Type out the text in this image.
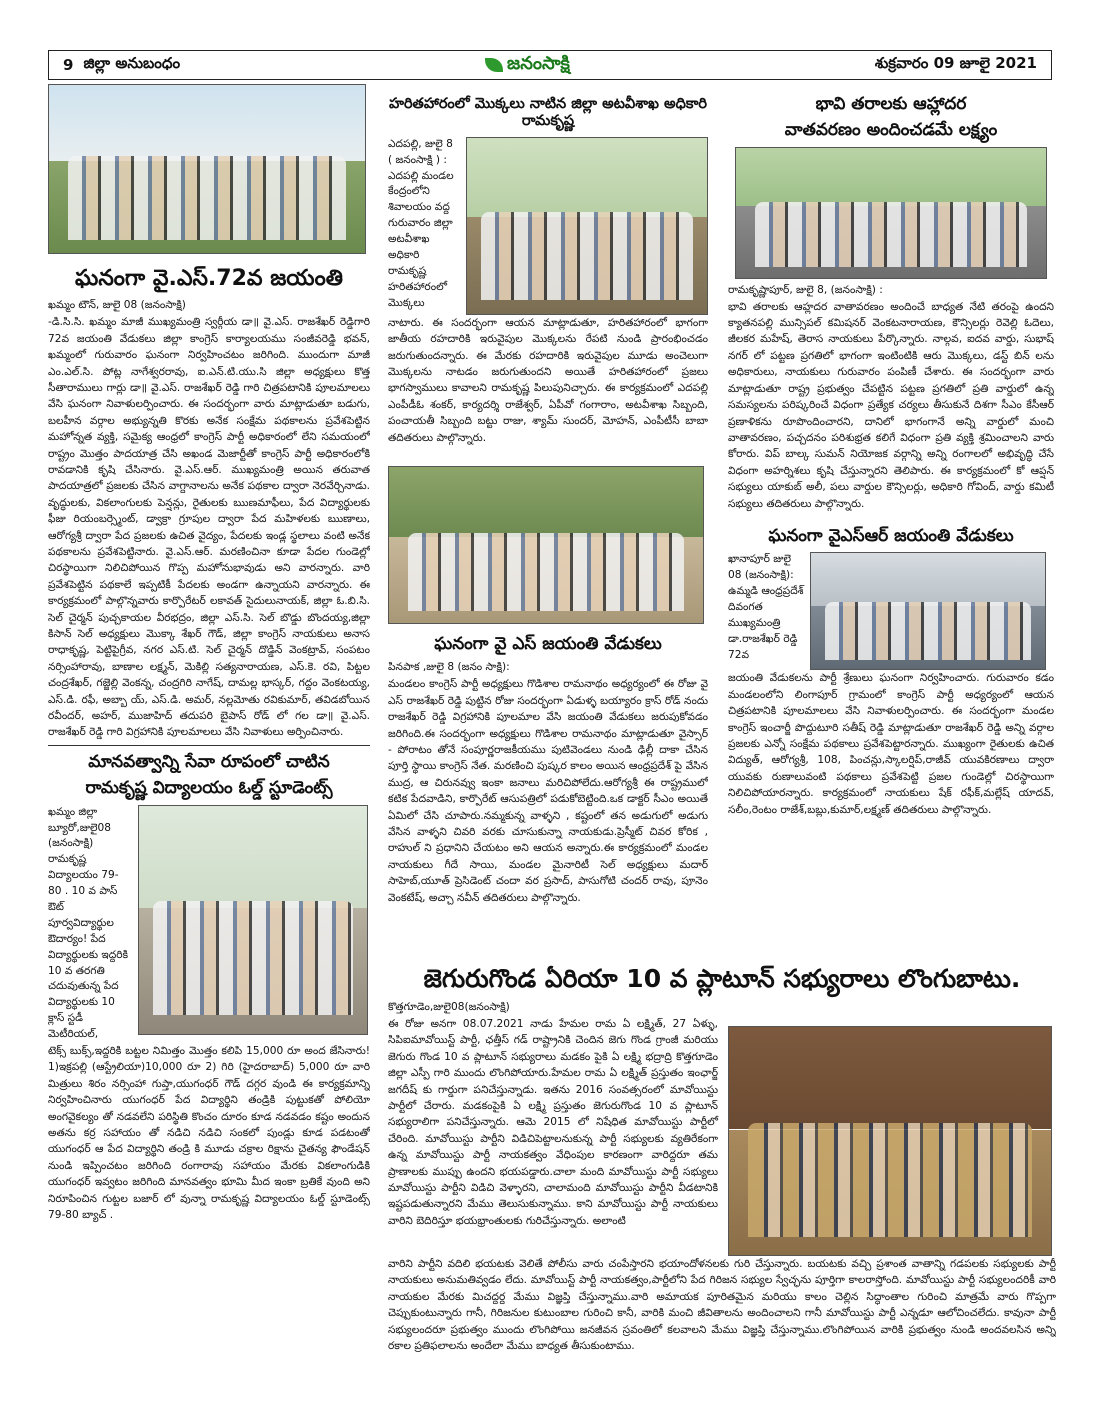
9 జిల్లా అనుబంధం	జనంసాక్షి	శుక్రవారం 09 జూలై 2021
ఘనంగా వై.ఎస్.72వ జయంతి
ఖమ్మం టౌన్, జులై 08 (జనంసాక్షి)

-డి.సి.సి. ఖమ్మం మాజీ ముఖ్యమంత్రి స్వర్గీయ డా॥ వై.ఎస్. రాజశేఖర్ రెడ్డిగారి 72వ జయంతి వేడుకలు జిల్లా కాంగ్రెస్ కార్యాలయము సంజీవరెడ్డి భవన్, ఖమ్మంలో గురువారం ఘనంగా నిర్వహించటం జరిగింది. ముందుగా మాజీ ఎం.ఎల్.సి. పోట్ల నాగేశ్వరరావు, ఐ.ఎన్.టి.యు.సి జిల్లా అధ్యక్షులు కొత్త సీతారాములు గార్లు డా॥ వై.ఎస్. రాజశేఖర్ రెడ్డి గారి చిత్రపటానికి పూలమాలలు వేసి ఘనంగా నివాళులర్పించారు. ఈ సందర్భంగా వారు మాట్లాడుతూ బడుగు, బలహీన వర్గాల అభ్యున్నతి కొరకు అనేక సంక్షేమ పథకాలను ప్రవేశపెట్టిన మహోన్నత వ్యక్తి, సమైక్య ఆంధ్రలో కాంగ్రెస్ పార్టీ అధికారంలో లేని సమయంలో రాష్ట్రం మొత్తం పాదయాత్ర చేసి అఖండ మెజార్టీతో కాంగ్రెస్ పార్టీ అధికారంలోకి రావడానికి కృషి చేసినారు. వై.ఎస్.ఆర్. ముఖ్యమంత్రి అయిన తరువాత పాదయాత్రలో ప్రజలకు చేసిన వాగ్దానాలను అనేక పథకాల ద్వారా నెరవేర్చినాడు. వృద్ధులకు, వికలాంగులకు పెన్షన్లు, రైతులకు ఋణమాఫీలు, పేద విద్యార్థులకు ఫీజు రియంబర్స్మెంట్, డ్వాక్రా గ్రూపుల ద్వారా పేద మహిళలకు ఋణాలు, ఆరోగ్యశ్రీ ద్వారా పేద ప్రజలకు ఉచిత వైద్యం, పేదలకు ఇండ్ల స్థలాలు వంటి అనేక పథకాలను ప్రవేశపెట్టినారు. వై.ఎస్.ఆర్. మరణించినా కూడా పేదల గుండెల్లో చిరస్థాయిగా నిలిచిపోయిన గొప్ప మహోనుభావుడు అని వారన్నారు. వారి ప్రవేశపెట్టిన పథకాలే ఇప్పటికీ పేదలకు అండగా ఉన్నాయని వారన్నారు. ఈ కార్యక్రమంలో పాల్గొన్నవారు కార్పొరేటర్ లకావత్ సైదులునాయక్, జిల్లా ఓ.బి.సి. సెల్ చైర్మన్ పుచ్చకాయల వీరభద్రం, జిల్లా ఎస్.సి. సెల్ బొడ్డు బొందయ్య,జిల్లా కిసాన్ సెల్ అధ్యక్షులు మొక్కా శేఖర్ గౌడ్, జిల్లా కాంగ్రెస్ నాయకులు అనాస రాధాకృష్ణ, పెట్టిపైగ్రీవ, నగర ఎస్.టి. సెల్ చైర్మన్ దొడ్డిన్ వెంకట్రావ్, సంపటం నర్సింహారావు, బాణాల లక్ష్మన్, మెకిల్లి సత్యనారాయణ, ఎస్.కె. రవి, పిట్టల చంద్రశేఖర్, గజ్జెల్లి వెంకన్న, చంద్రగిరి నాగేష్, దామల్ల భాస్కర్, గద్దం వెంకటయ్య, ఎస్.డి. రఫీ, అబ్బా య్, ఎస్.డి. అమర్, నల్లమోతు రవికుమార్, తవిడబోయిన రవీందర్, అహర్, ముజాహిద్ తదుపరి బైపాస్ రోడ్ లో గల డా॥ వై.ఎస్. రాజశేఖర్ రెడ్డి గారి విగ్రహానికి పూలమాలలు వేసి నివాళులు అర్పించినారు.

మానవత్వాన్ని సేవా రూపంలో చాటిన
రామకృష్ణ విద్యాలయం ఓల్డ్ స్టూడెంట్స్
ఖమ్మం జిల్లా బ్యూరో,జులై08 (జనంసాక్షి) రామకృష్ణ విద్యాలయం 79-80 . 10 వ పాస్ ఔట్ పూర్వవిద్యార్థుల ఔదార్యం! పేద విద్యార్థులకు ఇద్దరికి 10 వ తరగతి చదువుతున్న పేద విద్యార్థులకు 10 క్లాస్ స్టడీ మెటీరియల్,

టెక్స్ బుక్స్,ఇద్దరికి బట్టల నిమిత్తం మొత్తం కలిపి 15,000 రూ అంద జేసినారు! 1)ఇక్రపల్లి (ఆస్ట్రేలియా)10,000 రూ 2) గిరి (హైదరాబాద్) 5,000 రూ వారి మిత్రులు శిరం నర్సింహా గుప్తా,యుగంధర్ గౌడ్ దగ్గర వుండి ఈ కార్యక్రమాన్ని నిర్వహించినారు యుగంధర్ పేద విద్యార్థిని తండ్రికి పుట్టుకతో పోలియో అంగవైకల్యం తో నడవలేని పరిస్థితి కొంచం దూరం కూడ నడవడం కష్టం అందున అతను కర్ర సహాయం తో నడిచి నడిచి సంకలో పుండ్లు కూడ పడటంతో యుగంధర్ ఆ పేద విద్యార్థిని తండ్రి కి మూడు చక్రాల రిక్షాను చైతన్య ఫౌండేషన్ నుండి ఇప్పించటం జరిగింది రంగారావు సహాయం మేరకు వికలాంగుడికి యుగంధర్ ఇవ్వటం జరిగింది మానవత్వం భూమి మీద ఇంకా బ్రతికే వుంది అని నిరూపించిన గుట్టల బజార్ లో వున్నా రామకృష్ణ విద్యాలయం ఓల్డ్ స్టూడెంట్స్ 79-80 బ్యాచ్ .

హరితహారంలో మొక్కలు నాటిన జిల్లా అటవీశాఖ అధికారి రామకృష్ణ
ఎదపల్లి, జులై 8 ( జనంసాక్షి ) : ఎదపల్లి మండల కేంద్రంలోని శివాలయం వద్ద గురువారం జిల్లా అటవీశాఖ అధికారి రామకృష్ణ హరితహారంలో మొక్కలు

నాటారు. ఈ సందర్భంగా ఆయన మాట్లాడుతూ, హరితహారంలో భాగంగా జాతీయ రహదారికి ఇరువైపుల మొక్కలను రేపటి నుండి ప్రారంభించడం జరుగుతుందన్నారు. ఈ మేరకు రహదారికి ఇరువైపుల మూడు అంచెలుగా మొక్కలను నాటడం జరుగుతుందని అయితే హరితహారంలో ప్రజలు భాగస్వాములు కావాలని రామకృష్ణ పిలుపునిచ్చారు. ఈ కార్యక్రమంలో ఎదపల్లి ఎంపీడీఓ శంకర్, కార్యదర్శి రాజేశ్వర్, ఏపీవో గంగారాం, అటవీశాఖ సిబ్బంది, పంచాయతీ సిబ్బంది బట్టు రాజు, శ్యామ్ సుందర్, మోహన్, ఎంపీటీసీ బాబా తదితరులు పాల్గొన్నారు.

ఘనంగా వై ఎస్ జయంతి వేడుకలు
పినపాక ,జులై 8 (జనం సాక్షి):

మండలం కాంగ్రెస్ పార్టీ అధ్యక్షులు గొడిశాల రామనాథం అధ్యర్యంలో ఈ రోజు వై ఎస్ రాజశేఖర్ రెడ్డి పుట్టిన రోజు సందర్భంగా ఏడుళ్ళ బయ్యారం క్రాస్ రోడ్ నందు రాజశేఖర్ రెడ్డి విగ్రహానికి పూలమాల వేసి జయంతి వేడుకలు జరుపుకోవడం జరిగింది.ఈ సందర్భంగా అధ్యక్షులు గొడిశాల రామనాథం మాట్లాడుతూ వైస్సార్ - పోరాటం తోనే సంపూర్ణరాజకీయము పుటివెండలు నుండి ఢిల్లీ దాకా చేసిన పూర్తి స్థాయి కాంగ్రెస్ నేత. మరణించి పుష్కర కాలం అయిన ఆంధ్రప్రదేశ్ పై వేసిన ముద్ర, ఆ చిరునవ్వు ఇంకా జనాలు మరిచిపోలేదు.ఆరోగ్యశ్రీ ఈ రాష్ట్రములో కటిక పేదవాడిని, కార్పొరేట్ ఆసుపత్రిలో పడుకోబెట్టింది.ఒక డాక్టర్ సీఎం అయితే ఏమిలో చేసి చూపారు.నమ్మకున్న వాళ్ళని , కష్టంలో తన అడుగులో అడుగు వేసిన వాళ్ళని చివరి వరకు చూసుకున్నా నాయకుడు.ప్రెస్మీట్ చివర కోరిక , రాహుల్ ని ప్రధానిని చేయటం అని ఆయన అన్నారు.ఈ కార్యక్రమంలో మండల నాయకులు గీదే సాయి, మండల మైనారిటీ సెల్ అధ్యక్షులు మదార్ సాహెబ్,యూత్ ప్రెసిడెంట్ చందా వర ప్రసాద్, పాసుగోటి చందర్ రావు, పూనెం వెంకటేష్, అచ్చా నవీన్ తదితరులు పాల్గొన్నారు.

భావి తరాలకు ఆహ్లాదర
వాతవరణం అందించడమే లక్ష్యం
రామకృష్ణాపూర్, జులై 8, (జనంసాక్షి) :

భావి తరాలకు ఆహ్లదర వాతావరణం అందించే బాధ్యత నేటి తరంపై ఉందని క్యాతనపల్లి మున్సిపల్ కమిషనర్ వెంకటనారాయణ, కౌన్సిలర్లు రెవెల్లి ఓదెలు, జీలకర మహేష్, తెరాస నాయకులు పేర్కొన్నారు. నాల్గవ, ఐదవ వార్డు, సుభాష్ నగర్ లో పట్టణ ప్రగతిలో భాగంగా ఇంటింటికి ఆరు మొక్కలు, డస్ట్ బిన్ లను అధికారులు, నాయకులు గురువారం పంపిణీ చేశారు. ఈ సందర్భంగా వారు మాట్లాడుతూ రాష్ట్ర ప్రభుత్వం చేపట్టిన పట్టణ ప్రగతిలో ప్రతి వార్డులో ఉన్న సమస్యలను పరిష్కరించే విధంగా ప్రత్యేక చర్యలు తీసుకునే దిశగా సీఎం కేసీఆర్ ప్రణాళికను రూపొందించారని, దానిలో భాగంగానే అన్ని వార్డులో మంచి వాతావరణం, పచ్చదనం పరిశుభ్రత కలిగే విధంగా ప్రతి వ్యక్తి శ్రమించాలని వారు కోరారు. విప్ బాల్క సుమన్ నియోజక వర్గాన్ని అన్ని రంగాలలో అభివృద్ధి చేసే విధంగా అహర్నిశలు కృషి చేస్తున్నారని తెలిపారు. ఈ కార్యక్రమంలో కో ఆప్షన్ సభ్యులు యాకుబ్ అలీ, పలు వార్డుల కౌన్సిలర్లు, అధికారి గోవింద్, వార్డు కమిటీ సభ్యులు తదితరులు పాల్గొన్నారు.

ఘనంగా వైఎస్ఆర్ జయంతి వేడుకలు
ఖానాపూర్ జులై 08 (జనంసాక్షి): ఉమ్మడి ఆంధ్రప్రదేశ్ దివంగత ముఖ్యమంత్రి డా.రాజశేఖర్ రెడ్డి 72వ

జయంతి వేడుకలను పార్టీ శ్రేణులు ఘనంగా నిర్వహించారు. గురువారం కడం మండలంలోని లింగాపూర్ గ్రామంలో కాంగ్రెస్ పార్టీ అధ్యర్యంలో ఆయన చిత్రపటానికి పూలమాలలు వేసి నివాళులర్పించారు. ఈ సందర్భంగా మండల కాంగ్రెస్ ఇంచార్జీ పొద్దుటూరి సతీష్ రెడ్డి మాట్లాడుతూ రాజశేఖర్ రెడ్డి అన్ని వర్గాల ప్రజలకు ఎన్నో సంక్షేమ పథకాలు ప్రవేశపెట్టారన్నారు. ముఖ్యంగా రైతులకు ఉచిత విద్యుత్, ఆరోగ్యశ్రీ, 108, పించన్లు,స్కాలర్షిప్,రాజీవ్ యువకిరణాలు ద్వారా యువకు రుణాలువంటి పథకాలు ప్రవేశపెట్టి ప్రజల గుండెల్లో చిరస్థాయిగా నిలిచిపోయారన్నారు. కార్యక్రమంలో నాయకులు షేక్ రఫీక్,మల్లేష్ యాదవ్, సలీం,రెంటం రాజేశ్,బబ్లు,కుమార్,లక్ష్మణ్ తదితరులు పాల్గొన్నారు.

జెగురుగొండ ఏరియా 10 వ ప్లాటూన్ సభ్యురాలు లొంగుబాటు.
కొత్తగూడెం,జులై08(జనంసాక్షి)

ఈ రోజు అనగా 08.07.2021 నాడు హేమల రామ ఏ లక్ష్మిత్, 27 ఏళ్ళు, సిపిఐమావోయిస్ట్ పార్టీ, ఛత్తీస్ గడ్ రాష్ట్రానికి చెందిన జెగు గొండ గ్రాంజీ మరియు జెగురు గొండ 10 వ ప్లాటూన్ సభ్యురాలు మడకం పైకి ఏ లక్ష్మి భద్రాద్రి కొత్తగూడెం జిల్లా ఎస్పీ గారి ముందు లొంగిపోయారు.హేమల రామ ఏ లక్ష్మిత్ ప్రస్తుతం ఇంఛార్జ్ జగదీష్ కు గార్డుగా పనిచేస్తున్నాడు. ఇతను 2016 సంవత్సరంలో మావోయిస్టు పార్టీలో చేరారు. మడకంపైకి ఏ లక్ష్మి ప్రస్తుతం జెగురుగొండ 10 వ ప్లాటూన్ సభ్యురాలిగా పనిచేస్తున్నారు. ఆమె 2015 లో నిషేధిత మావోయిస్టు పార్టీలో చేరింది. మావోయిస్టు పార్టీని విడిచిపెట్టాలనుకున్న పార్టీ సభ్యులకు వ్యతిరేకంగా ఉన్న మావోయిస్టు పార్టీ నాయకత్వం వేధింపుల కారణంగా వారిద్దరూ తమ ప్రాణాలకు ముప్పు ఉందని భయపడ్డారు.చాలా మంది మావోయిస్టు పార్టీ సభ్యులు మావోయిస్టు పార్టీని విడిచి వెళ్ళారని, చాలామంది మావోయిస్టు పార్టీని వీడటానికి ఇష్టపడుతున్నారని మేము తెలుసుకున్నాము. కాని మావోయిస్టు పార్టీ నాయకులు వారిని బెదిరిస్తూ భయభ్రాంతులకు గురిచేస్తున్నారు. అలాంటి

వారిని పార్టీని వదిలి భయటకు వెలితే పోలీసు వారు చంపేస్తారని భయాందోళనలకు గురి చేస్తున్నారు. బయటకు వచ్చి ప్రశాంత వాతాన్ని గడపలకు సభ్యులకు పార్టీ నాయకులు అనుమతివ్వడం లేదు. మావోయిస్ట్ పార్టీ నాయకత్వం,పార్టీలోని పేద గిరిజన సభ్యుల స్వేచ్ఛను పూర్తిగా కాలరాస్తోంది. మావోయిస్టు పార్టీ సభ్యులందరికీ వారి నాయకుల మేరకు మిచద్దర్ద మేము విజ్ఞప్తి చేస్తున్నాము.వారి అమాయక పూరితమైన మరియు కాలం చెల్లిన సిద్ధాంతాల గురించి మాత్రమే వారు గొప్పగా చెప్పుకుంటున్నారు గానీ, గిరిజనుల కుటుంబాల గురించి కానీ, వారికి మంచి జీవితాలను అందించాలని గానీ మావోయిస్టు పార్టీ ఎన్నడూ ఆలోచించలేదు. కావునా పార్టీ సభ్యులందరూ ప్రభుత్వం ముందు లొంగిపోయి జనజీవన స్రవంతిలో కలవాలని మేము విజ్ఞప్తి చేస్తున్నాము.లొంగిపోయిన వారికి ప్రభుత్వం నుండి అందవలసిన అన్ని రకాల ప్రతిఫలాలను అందేలా మేము బాధ్యత తీసుకుంటాము.
